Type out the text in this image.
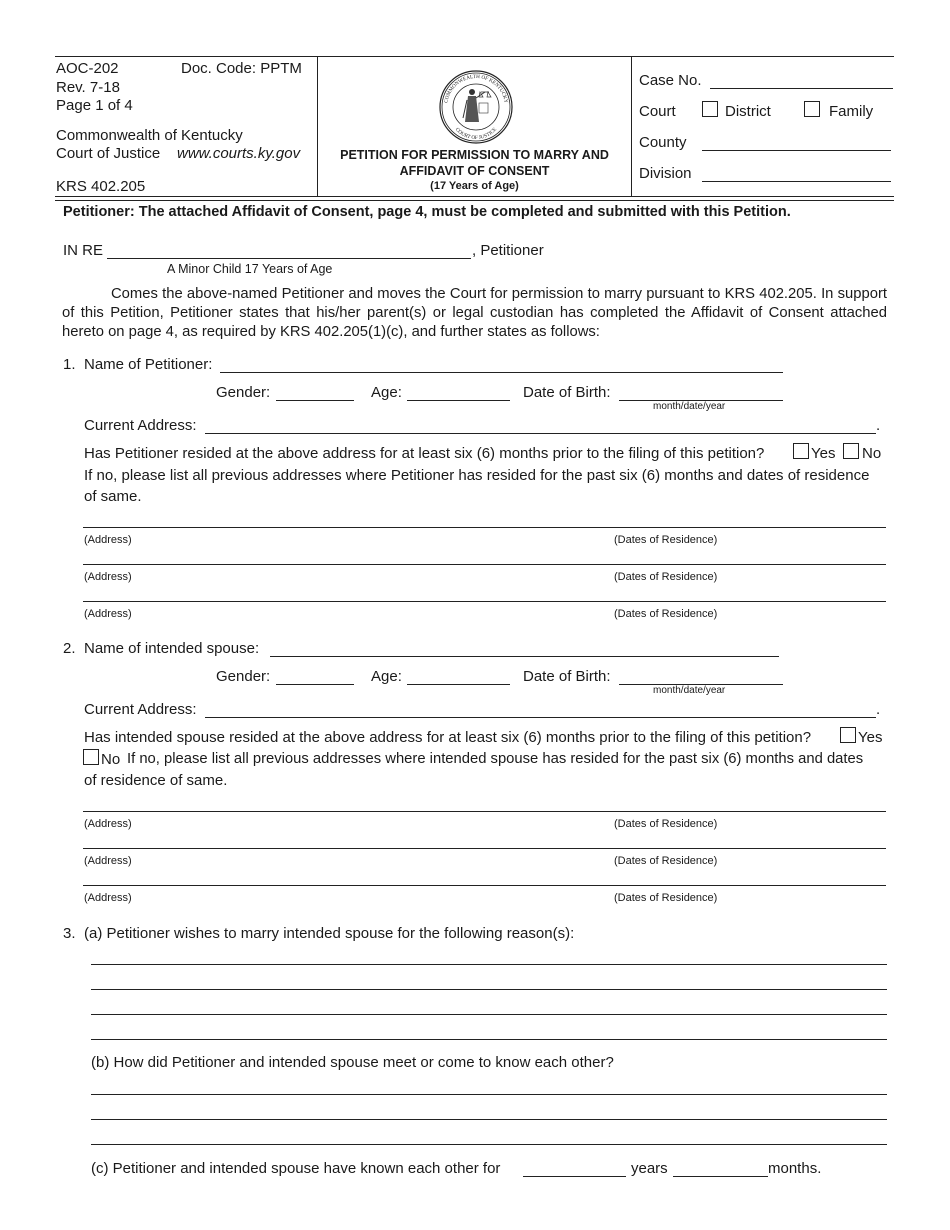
AOC-202	Doc. Code: PPTM
Rev. 7-18
Page 1 of 4
Commonwealth of Kentucky
Court of Justice www.courts.ky.gov
KRS 402.205
COMMONWEALTH OF KENTUCKY
COURT OF JUSTICE
PETITION FOR PERMISSION TO MARRY AND
AFFIDAVIT OF CONSENT
(17 Years of Age)
Case No.
Court	District	Family
County
Division
Petitioner: The attached Affidavit of Consent, page 4, must be completed and submitted with this Petition.
IN RE	, Petitioner
A Minor Child 17 Years of Age
Comes the above-named Petitioner and moves the Court for permission to marry pursuant to KRS 402.205. In support of this Petition, Petitioner states that his/her parent(s) or legal custodian has completed the Affidavit of Consent attached hereto on page 4, as required by KRS 402.205(1)(c), and further states as follows:
1. Name of Petitioner:
Gender:	Age:	Date of Birth:
month/date/year
Current Address:	.
Has Petitioner resided at the above address for at least six (6) months prior to the filing of this petition?	Yes No
If no, please list all previous addresses where Petitioner has resided for the past six (6) months and dates of residence
of same.
(Address)	(Dates of Residence)
(Address)	(Dates of Residence)
(Address)	(Dates of Residence)
2. Name of intended spouse:
Gender:	Age:	Date of Birth:
month/date/year
Current Address:	.
Has intended spouse resided at the above address for at least six (6) months prior to the filing of this petition?	Yes
No If no, please list all previous addresses where intended spouse has resided for the past six (6) months and dates
of residence of same.
(Address)	(Dates of Residence)
(Address)	(Dates of Residence)
(Address)	(Dates of Residence)
3. (a) Petitioner wishes to marry intended spouse for the following reason(s):
(b) How did Petitioner and intended spouse meet or come to know each other?
(c) Petitioner and intended spouse have known each other for	years	months.
